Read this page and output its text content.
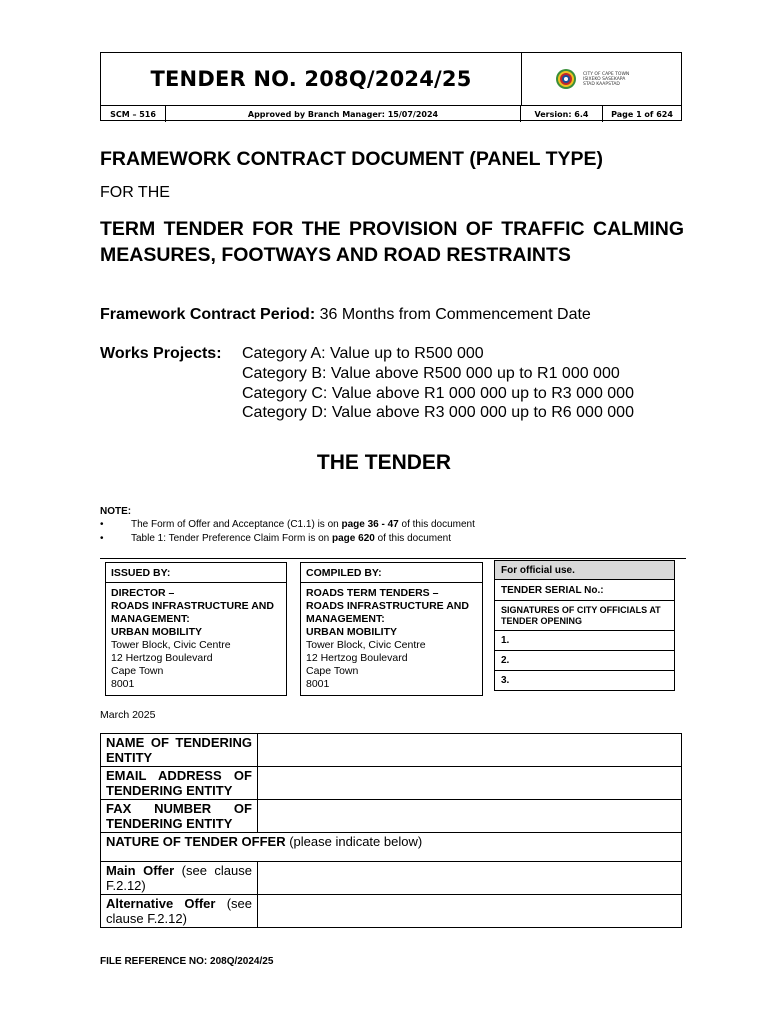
TENDER NO. 208Q/2024/25	CITY OF CAPE TOWN
ISIXEKO SASEKAPA
STAD KAAPSTAD
SCM – 516	Approved by Branch Manager: 15/07/2024	Version: 6.4	Page 1 of 624
FRAMEWORK CONTRACT DOCUMENT (PANEL TYPE)
FOR THE
TERM TENDER FOR THE PROVISION OF TRAFFIC CALMING MEASURES, FOOTWAYS AND ROAD RESTRAINTS
Framework Contract Period: 36 Months from Commencement Date
Works Projects: Category A: Value up to R500 000
Category B: Value above R500 000 up to R1 000 000
Category C: Value above R1 000 000 up to R3 000 000
Category D: Value above R3 000 000 up to R6 000 000
THE TENDER
NOTE:
•	The Form of Offer and Acceptance (C1.1) is on page 36 - 47 of this document
•	Table 1: Tender Preference Claim Form is on page 620 of this document
ISSUED BY:
DIRECTOR –
ROADS INFRASTRUCTURE AND
MANAGEMENT:
URBAN MOBILITY
Tower Block, Civic Centre
12 Hertzog Boulevard
Cape Town
8001
COMPILED BY:
ROADS TERM TENDERS –
ROADS INFRASTRUCTURE AND
MANAGEMENT:
URBAN MOBILITY
Tower Block, Civic Centre
12 Hertzog Boulevard
Cape Town
8001
For official use.
TENDER SERIAL No.:
SIGNATURES OF CITY OFFICIALS AT TENDER OPENING
1.
2.
3.
March 2025
NAME OF TENDERING ENTITY	
EMAIL ADDRESS OF TENDERING ENTITY	
FAX NUMBER OF TENDERING ENTITY	
NATURE OF TENDER OFFER (please indicate below)	
Main Offer (see clause F.2.12)	
Alternative Offer (see clause F.2.12)	
FILE REFERENCE NO: 208Q/2024/25
